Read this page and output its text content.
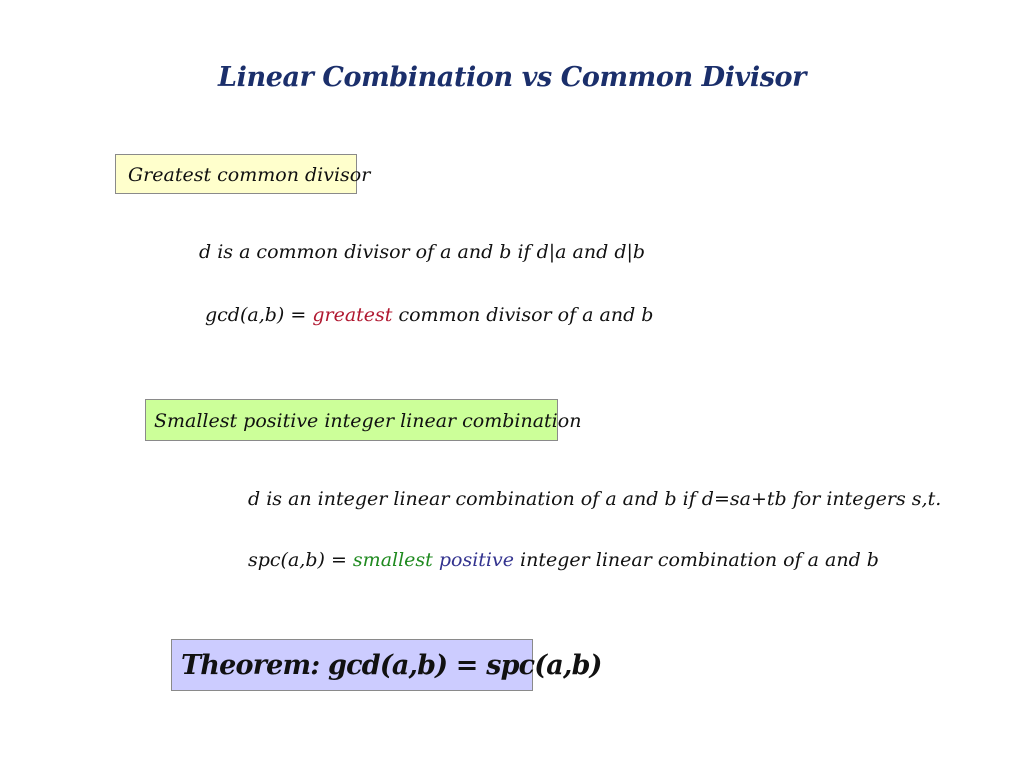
Linear Combination vs Common Divisor
Greatest common divisor
d is a common divisor of a and b if d|a and d|b
gcd(a,b) = greatest common divisor of a and b
Smallest positive integer linear combination
d is an integer linear combination of a and b if d=sa+tb for integers s,t.
spc(a,b) = smallest positive integer linear combination of a and b
Theorem: gcd(a,b) = spc(a,b)
